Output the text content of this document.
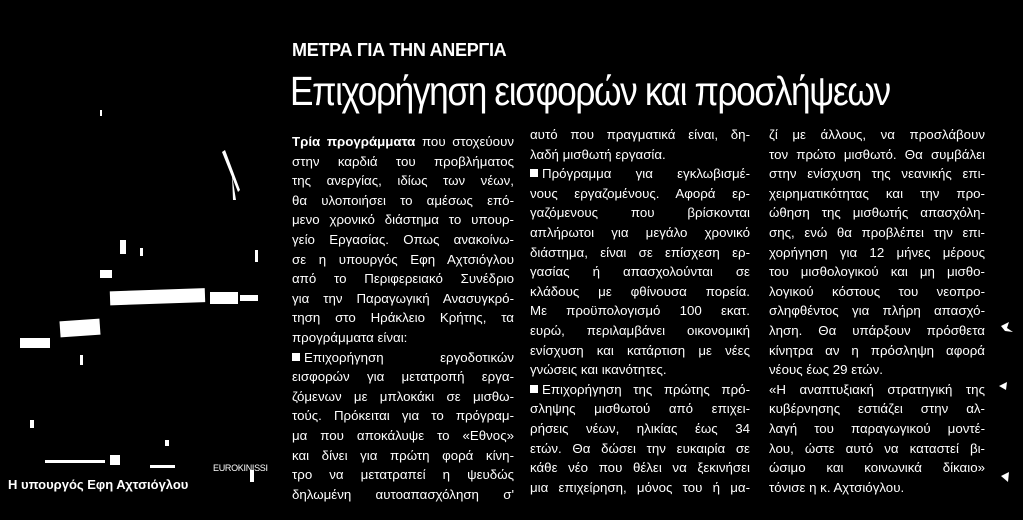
EUROKINISSI
Η υπουργός Εφη Αχτσιόγλου
ΜΕΤΡΑ ΓΙΑ ΤΗΝ ΑΝΕΡΓΙΑ
Επιχορήγηση εισφορών και προσλήψεων
Τρία προγράμματα που στοχεύουν
στην καρδιά του προβλήματος
της ανεργίας, ιδίως των νέων,
θα υλοποιήσει το αμέσως επό-
μενο χρονικό διάστημα το υπουρ-
γείο Εργασίας. Οπως ανακοίνω-
σε η υπουργός Εφη Αχτσιόγλου
από το Περιφερειακό Συνέδριο
για την Παραγωγική Ανασυγκρό-
τηση στο Ηράκλειο Κρήτης, τα
προγράμματα είναι:
Επιχορήγηση εργοδοτικών
εισφορών για μετατροπή εργα-
ζόμενων με μπλοκάκι σε μισθω-
τούς. Πρόκειται για το πρόγραμ-
μα που αποκάλυψε το «Εθνος»
και δίνει για πρώτη φορά κίνη-
τρο να μετατραπεί η ψευδώς
δηλωμένη αυτοαπασχόληση σ'
αυτό που πραγματικά είναι, δη-
λαδή μισθωτή εργασία.
Πρόγραμμα για εγκλωβισμέ-
νους εργαζομένους. Αφορά ερ-
γαζόμενους που βρίσκονται
απλήρωτοι για μεγάλο χρονικό
διάστημα, είναι σε επίσχεση ερ-
γασίας ή απασχολούνται σε
κλάδους με φθίνουσα πορεία.
Με προϋπολογισμό 100 εκατ.
ευρώ, περιλαμβάνει οικονομική
ενίσχυση και κατάρτιση με νέες
γνώσεις και ικανότητες.
Επιχορήγηση της πρώτης πρό-
σληψης μισθωτού από επιχει-
ρήσεις νέων, ηλικίας έως 34
ετών. Θα δώσει την ευκαιρία σε
κάθε νέο που θέλει να ξεκινήσει
μια επιχείρηση, μόνος του ή μα-
ζί με άλλους, να προσλάβουν
τον πρώτο μισθωτό. Θα συμβάλει
στην ενίσχυση της νεανικής επι-
χειρηματικότητας και την προ-
ώθηση της μισθωτής απασχόλη-
σης, ενώ θα προβλέπει την επι-
χορήγηση για 12 μήνες μέρους
του μισθολογικού και μη μισθο-
λογικού κόστους του νεοπρο-
σληφθέντος για πλήρη απασχό-
ληση. Θα υπάρξουν πρόσθετα
κίνητρα αν η πρόσληψη αφορά
νέους έως 29 ετών.
«Η αναπτυξιακή στρατηγική της
κυβέρνησης εστιάζει στην αλ-
λαγή του παραγωγικού μοντέ-
λου, ώστε αυτό να καταστεί βι-
ώσιμο και κοινωνικά δίκαιο»
τόνισε η κ. Αχτσιόγλου.
